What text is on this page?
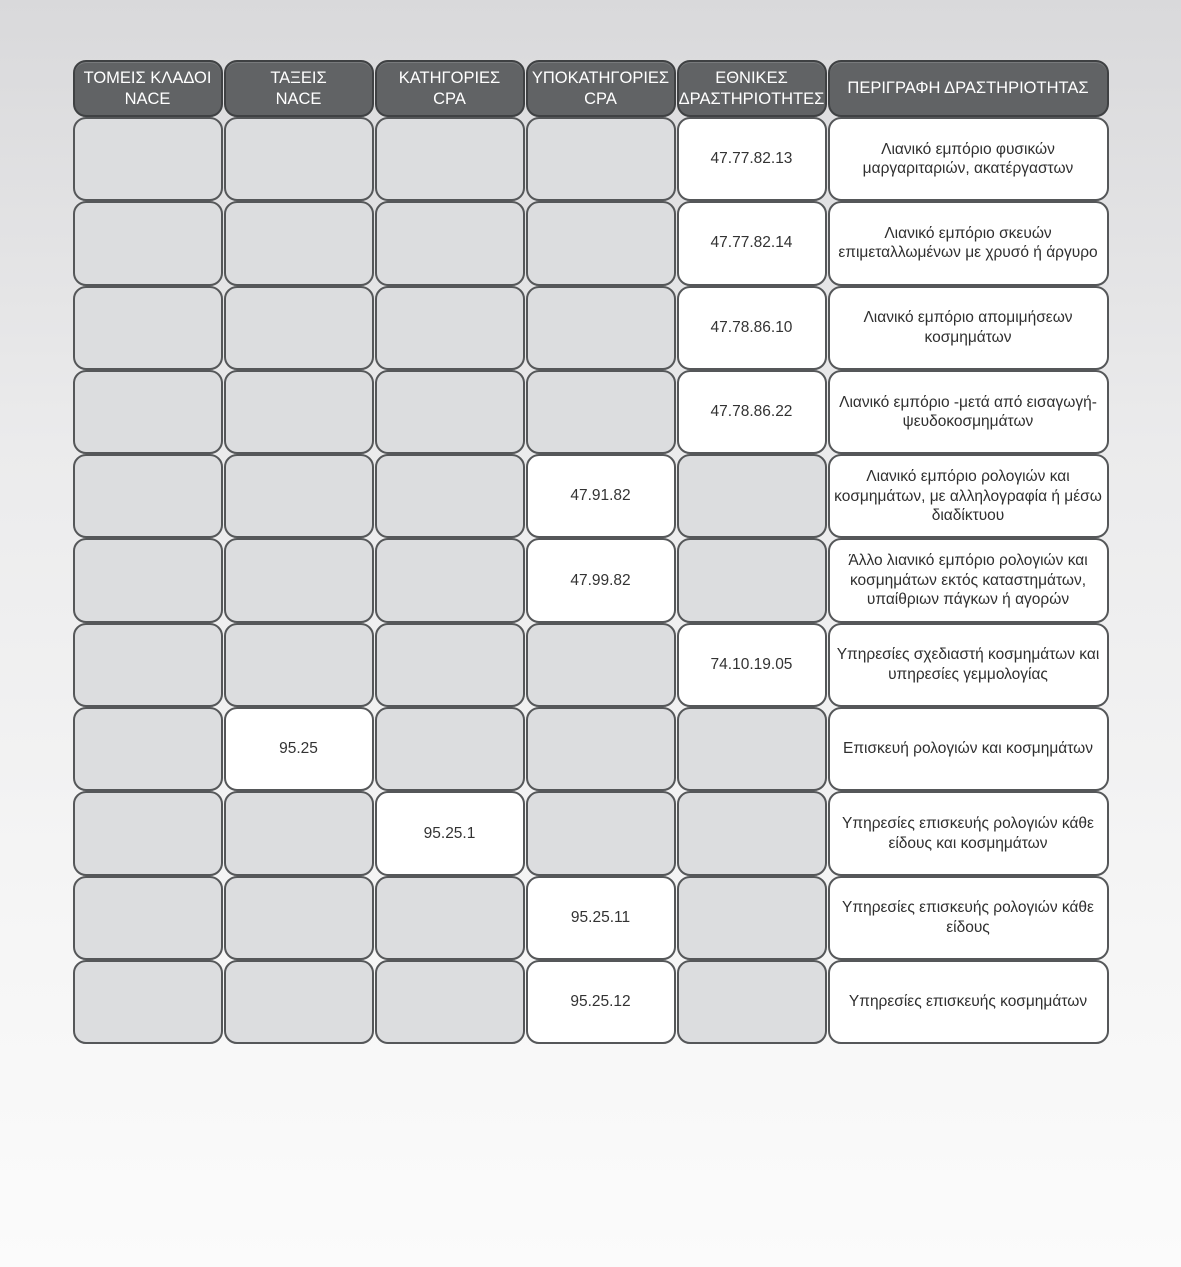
ΤΟΜΕΙΣ ΚΛΑΔΟΙ
NACE
ΤΑΞΕΙΣ
NACE
ΚΑΤΗΓΟΡΙΕΣ
CPA
ΥΠΟΚΑΤΗΓΟΡΙΕΣ
CPA
ΕΘΝΙΚΕΣ
ΔΡΑΣΤΗΡΙΟΤΗΤΕΣ
ΠΕΡΙΓΡΑΦΗ ΔΡΑΣΤΗΡΙΟΤΗΤΑΣ
47.77.82.13
Λιανικό εμπόριο φυσικών μαργαριταριών, ακατέργαστων
47.77.82.14
Λιανικό εμπόριο σκευών επιμεταλλωμένων με χρυσό ή άργυρο
47.78.86.10
Λιανικό εμπόριο απομιμήσεων κοσμημάτων
47.78.86.22
Λιανικό εμπόριο -μετά από εισαγωγή- ψευδοκοσμημάτων
47.91.82
Λιανικό εμπόριο ρολογιών και κοσμημάτων, με αλληλογραφία ή μέσω διαδίκτυου
47.99.82
Άλλο λιανικό εμπόριο ρολογιών και κοσμημάτων εκτός καταστημάτων, υπαίθριων πάγκων ή αγορών
74.10.19.05
Υπηρεσίες σχεδιαστή κοσμημάτων και υπηρεσίες γεμμολογίας
95.25	Επισκευή ρολογιών και κοσμημάτων
95.25.1
Υπηρεσίες επισκευής ρολογιών κάθε είδους και κοσμημάτων
95.25.11
Υπηρεσίες επισκευής ρολογιών κάθε είδους
95.25.12	Υπηρεσίες επισκευής κοσμημάτων
